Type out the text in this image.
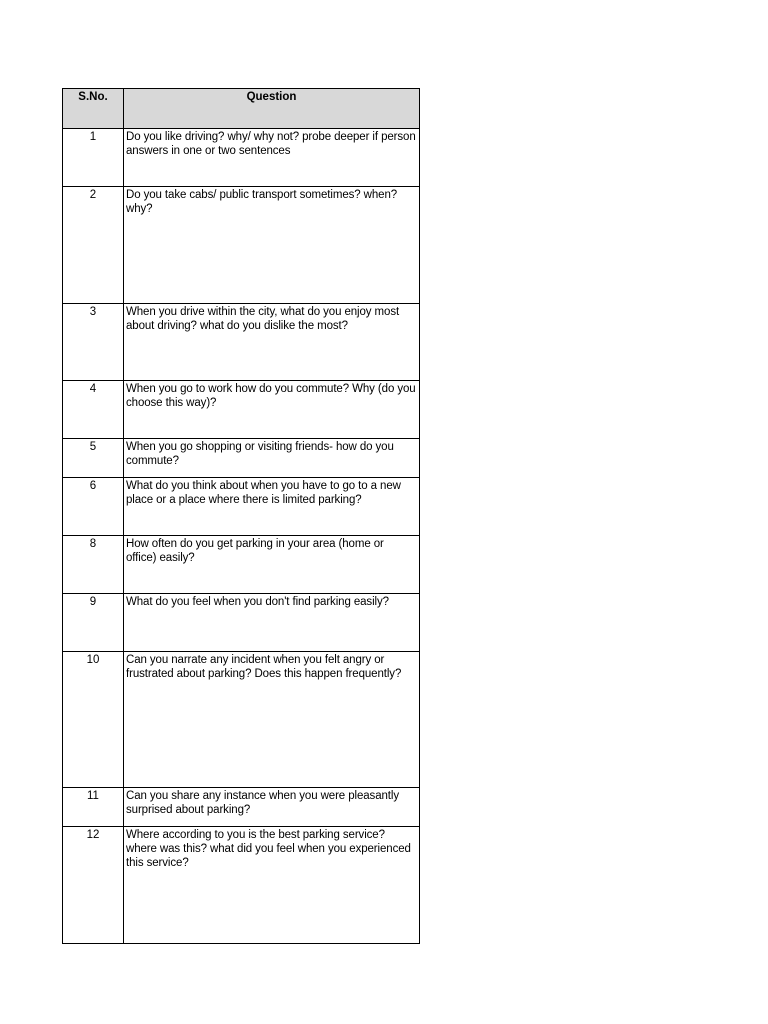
S.No.	Question
1	Do you like driving? why/ why not? probe deeper if person answers in one or two sentences
2	Do you take cabs/ public transport sometimes? when? why?
3	When you drive within the city, what do you enjoy most about driving? what do you dislike the most?
4	When you go to work how do you commute? Why (do you choose this way)?
5	When you go shopping or visiting friends- how do you commute?
6	What do you think about when you have to go to a new place or a place where there is limited parking?
8	How often do you get parking in your area (home or office) easily?
9	What do you feel when you don't find parking easily?
10	Can you narrate any incident when you felt angry or frustrated about parking? Does this happen frequently?
11	Can you share any instance when you were pleasantly surprised about parking?
12	Where according to you is the best parking service? where was this? what did you feel when you experienced this service?
